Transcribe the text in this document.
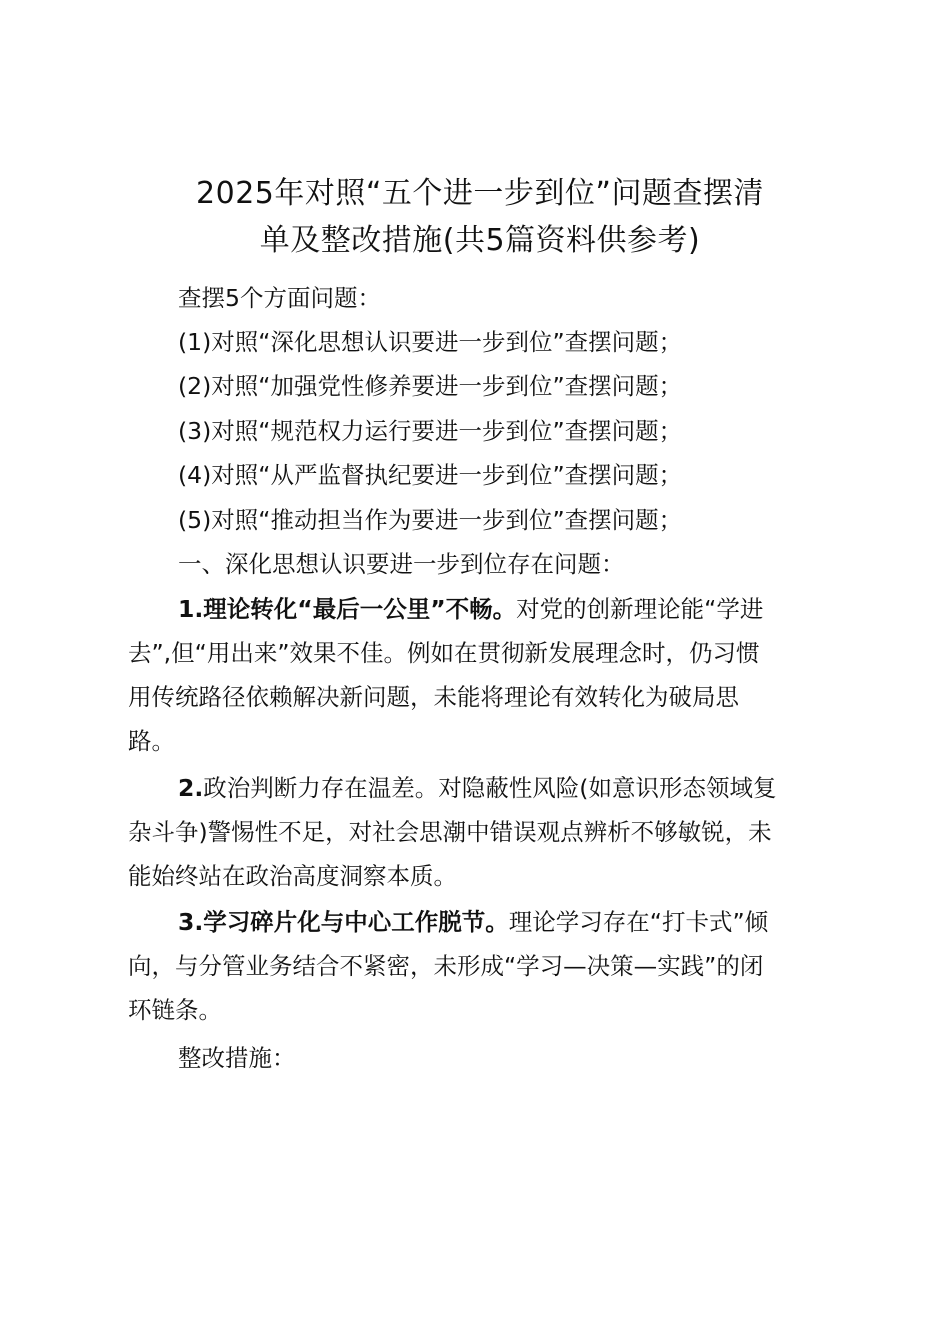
2025年对照“五个进一步到位”问题查摆清
单及整改措施(共5篇资料供参考)
查摆5个方面问题：
(1)对照“深化思想认识要进一步到位”查摆问题；
(2)对照“加强党性修养要进一步到位”查摆问题；
(3)对照“规范权力运行要进一步到位”查摆问题；
(4)对照“从严监督执纪要进一步到位”查摆问题；
(5)对照“推动担当作为要进一步到位”查摆问题；
一、深化思想认识要进一步到位存在问题：
1.理论转化“最后一公里”不畅。对党的创新理论能“学进
去”,但“用出来”效果不佳。例如在贯彻新发展理念时，仍习惯
用传统路径依赖解决新问题，未能将理论有效转化为破局思
路。
2.政治判断力存在温差。对隐蔽性风险(如意识形态领域复
杂斗争)警惕性不足，对社会思潮中错误观点辨析不够敏锐，未
能始终站在政治高度洞察本质。
3.学习碎片化与中心工作脱节。理论学习存在“打卡式”倾
向，与分管业务结合不紧密，未形成“学习—决策—实践”的闭
环链条。
整改措施：
